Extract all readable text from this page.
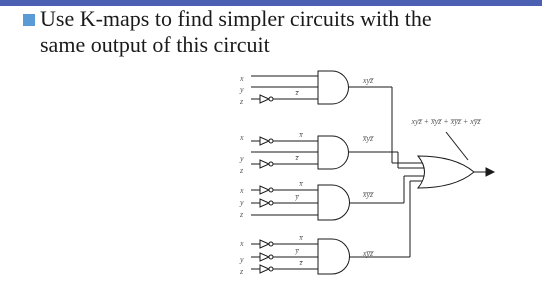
Use K-maps to find simpler circuits with the
same output of this circuit
x
y
z
z̅
xyz̅
x	x̅
y
z
z̅
x̅yz̅
x
x̅
y
y̅
z
x̅y̅z̅
x
x̅
y
y̅
z
z̅
xy̅z̅
xyz̅ + x̅yz̅ + x̅y̅z̅ + xy̅z̅
